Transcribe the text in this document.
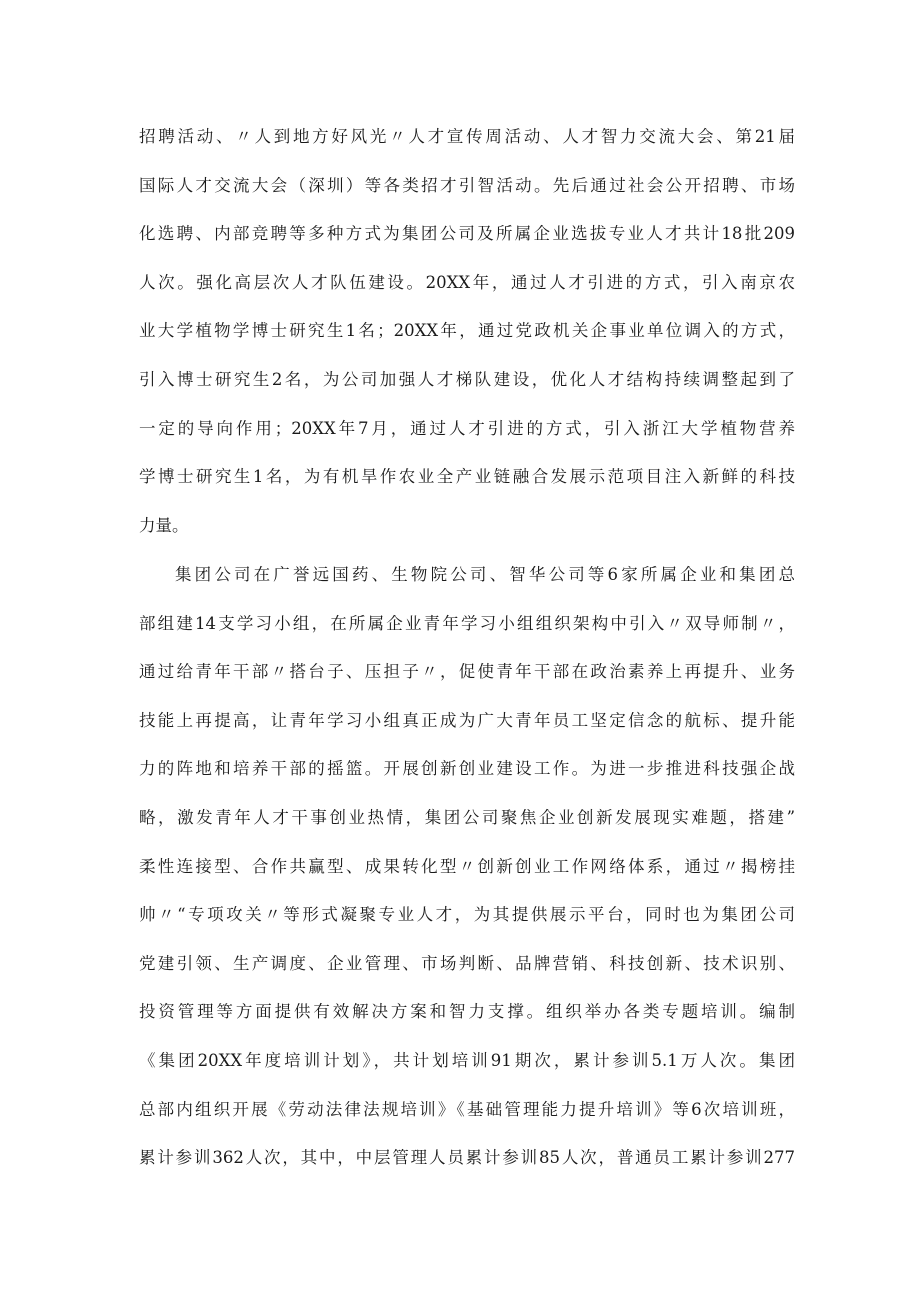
招聘活动、〃人到地方好风光〃人才宣传周活动、人才智力交流大会、第21届
国际人才交流大会（深圳）等各类招才引智活动。先后通过社会公开招聘、市场
化选聘、内部竞聘等多种方式为集团公司及所属企业选拔专业人才共计18批209
人次。强化高层次人才队伍建设。20XX年，通过人才引进的方式，引入南京农
业大学植物学博士研究生1名；20XX年，通过党政机关企事业单位调入的方式，
引入博士研究生2名，为公司加强人才梯队建设，优化人才结构持续调整起到了
一定的导向作用；20XX年7月，通过人才引进的方式，引入浙江大学植物营养
学博士研究生1名，为有机旱作农业全产业链融合发展示范项目注入新鲜的科技
力量。
集团公司在广誉远国药、生物院公司、智华公司等6家所属企业和集团总
部组建14支学习小组，在所属企业青年学习小组组织架构中引入〃双导师制〃，
通过给青年干部〃搭台子、压担子〃，促使青年干部在政治素养上再提升、业务
技能上再提高，让青年学习小组真正成为广大青年员工坚定信念的航标、提升能
力的阵地和培养干部的摇篮。开展创新创业建设工作。为进一步推进科技强企战
略，激发青年人才干事创业热情，集团公司聚焦企业创新发展现实难题，搭建”
柔性连接型、合作共赢型、成果转化型〃创新创业工作网络体系，通过〃揭榜挂
帅〃“专项攻关〃等形式凝聚专业人才，为其提供展示平台，同时也为集团公司
党建引领、生产调度、企业管理、市场判断、品牌营销、科技创新、技术识别、
投资管理等方面提供有效解决方案和智力支撑。组织举办各类专题培训。编制
《集团20XX年度培训计划》，共计划培训91期次，累计参训5.1万人次。集团
总部内组织开展《劳动法律法规培训》《基础管理能力提升培训》等6次培训班，
累计参训362人次，其中，中层管理人员累计参训85人次，普通员工累计参训277
